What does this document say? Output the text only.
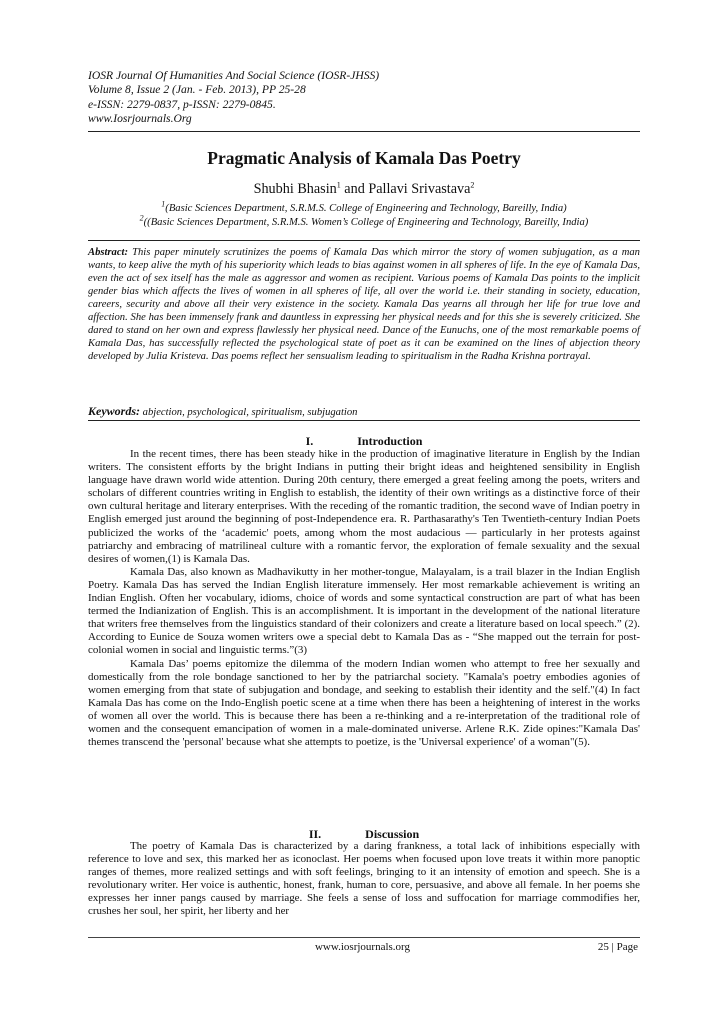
IOSR Journal Of Humanities And Social Science (IOSR-JHSS)
Volume 8, Issue 2 (Jan. - Feb. 2013), PP 25-28
e-ISSN: 2279-0837, p-ISSN: 2279-0845.
www.Iosrjournals.Org
Pragmatic Analysis of Kamala Das Poetry
Shubhi Bhasin$^1$ and Pallavi Srivastava$^2$
$^1$(Basic Sciences Department, S.R.M.S. College of Engineering and Technology, Bareilly, India)
$^2$((Basic Sciences Department, S.R.M.S. Women’s College of Engineering and Technology, Bareilly, India)
Abstract: This paper minutely scrutinizes the poems of Kamala Das which mirror the story of women subjugation, as a man wants, to keep alive the myth of his superiority which leads to bias against women in all spheres of life. In the eye of Kamala Das, even the act of sex itself has the male as aggressor and women as recipient. Various poems of Kamala Das points to the implicit gender bias which affects the lives of women in all spheres of life, all over the world i.e. their standing in society, education, careers, security and above all their very existence in the society. Kamala Das yearns all through her life for true love and affection. She has been immensely frank and dauntless in expressing her physical needs and for this she is severely criticized. She dared to stand on her own and express flawlessly her physical need. Dance of the Eunuchs, one of the most remarkable poems of Kamala Das, has successfully reflected the psychological state of poet as it can be examined on the lines of abjection theory developed by Julia Kristeva. Das poems reflect her sensualism leading to spiritualism in the Radha Krishna portrayal.
Keywords: abjection, psychological, spiritualism, subjugation
I.	Introduction

In the recent times, there has been steady hike in the production of imaginative literature in English by the Indian writers. The consistent efforts by the bright Indians in putting their bright ideas and heightened sensibility in English language have drawn world wide attention. During 20th century, there emerged a great feeling among the poets, writers and scholars of different countries writing in English to establish, the identity of their own writings as a distinctive force of their own cultural heritage and literary enterprises. With the receding of the romantic tradition, the second wave of Indian poetry in English emerged just around the beginning of post-Independence era. R. Parthasarathy's Ten Twentieth-century Indian Poets publicized the works of the ‘academic' poets, among whom the most audacious — particularly in her protests against patriarchy and embracing of matrilineal culture with a romantic fervor, the exploration of female sexuality and the sexual desires of women,(1) is Kamala Das.

Kamala Das, also known as Madhavikutty in her mother-tongue, Malayalam, is a trail blazer in the Indian English Poetry. Kamala Das has served the Indian English literature immensely. Her most remarkable achievement is writing an Indian English. Often her vocabulary, idioms, choice of words and some syntactical construction are part of what has been termed the Indianization of English. This is an accomplishment. It is important in the development of the national literature that writers free themselves from the linguistics standard of their colonizers and create a literature based on local speech.” (2). According to Eunice de Souza women writers owe a special debt to Kamala Das as - “She mapped out the terrain for post-colonial women in social and linguistic terms.”(3)

Kamala Das’ poems epitomize the dilemma of the modern Indian women who attempt to free her sexually and domestically from the role bondage sanctioned to her by the patriarchal society. "Kamala's poetry embodies agonies of women emerging from that state of subjugation and bondage, and seeking to establish their identity and the self."(4) In fact Kamala Das has come on the Indo-English poetic scene at a time when there has been a heightening of interest in the works of women all over the world. This is because there has been a re-thinking and a re-interpretation of the traditional role of women and the consequent emancipation of women in a male-dominated universe. Arlene R.K. Zide opines:"Kamala Das' themes transcend the 'personal' because what she attempts to poetize, is the 'Universal experience' of a woman"(5).

II.	Discussion

The poetry of Kamala Das is characterized by a daring frankness, a total lack of inhibitions especially with reference to love and sex, this marked her as iconoclast. Her poems when focused upon love treats it within more panoptic ranges of themes, more realized settings and with soft feelings, bringing to it an intensity of emotion and speech. She is a revolutionary writer. Her voice is authentic, honest, frank, human to core, persuasive, and above all female. In her poems she expresses her inner pangs caused by marriage. She feels a sense of loss and suffocation for marriage commodifies her, crushes her soul, her spirit, her liberty and her

www.iosrjournals.org	25 | Page
